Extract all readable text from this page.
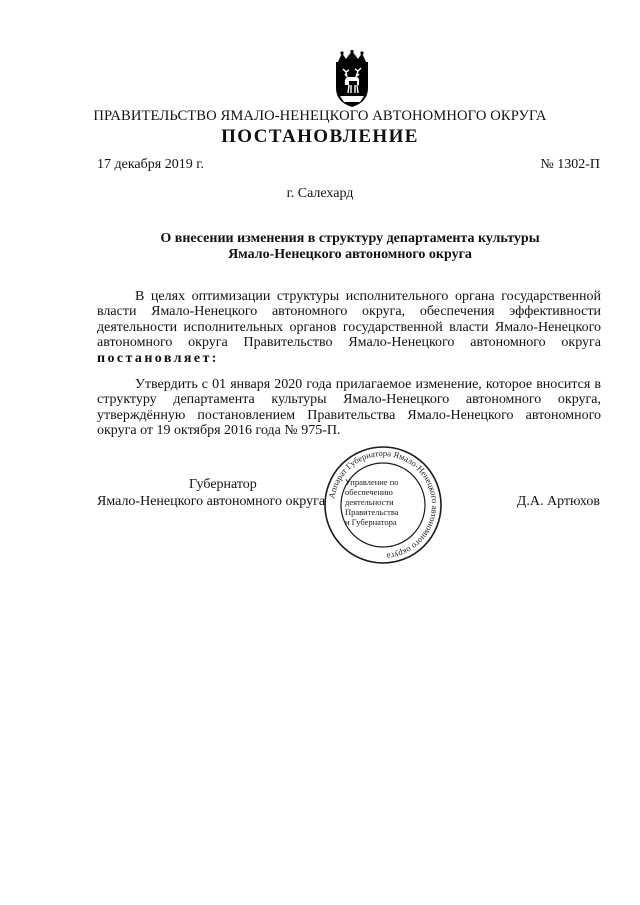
ПРАВИТЕЛЬСТВО ЯМАЛО-НЕНЕЦКОГО АВТОНОМНОГО ОКРУГА
ПОСТАНОВЛЕНИЕ
17 декабря 2019 г.	№ 1302-П
г. Салехард
О внесении изменения в структуру департамента культуры
Ямало-Ненецкого автономного округа
В целях оптимизации структуры исполнительного органа государственной власти Ямало-Ненецкого автономного округа, обеспечения эффективности деятельности исполнительных органов государственной власти Ямало-Ненецкого автономного округа Правительство Ямало-Ненецкого автономного округа постановляет:
Утвердить с 01 января 2020 года прилагаемое изменение, которое вносится в структуру департамента культуры Ямало-Ненецкого автономного округа, утверждённую постановлением Правительства Ямало-Ненецкого автономного округа от 19 октября 2016 года № 975-П.
Губернатор
Ямало-Ненецкого автономного округа	Д.А. Артюхов
Аппарат Губернатора Ямало-Ненецкого автономного округа
Управление по
обеспечению
деятельности
Правительства
и Губернатора
